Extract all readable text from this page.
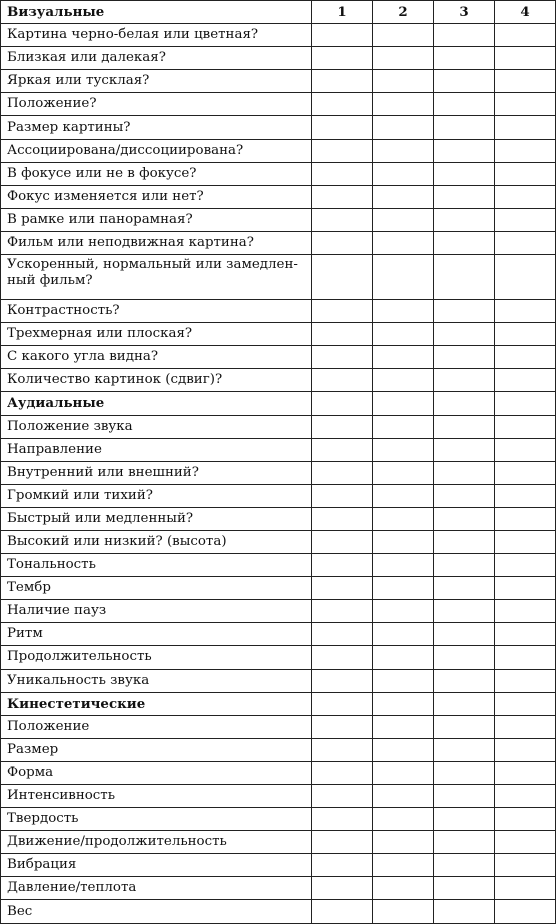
Визуальные	1	2	3	4
Картина черно-белая или цветная?				
Близкая или далекая?				
Яркая или тусклая?				
Положение?				
Размер картины?				
Ассоциирована/диссоциирована?				
В фокусе или не в фокусе?				
Фокус изменяется или нет?				
В рамке или панорамная?				
Фильм или неподвижная картина?				
Ускоренный, нормальный или замедлен-ный фильм?				
Контрастность?				
Трехмерная или плоская?				
С какого угла видна?				
Количество картинок (сдвиг)?				
Аудиальные				
Положение звука				
Направление				
Внутренний или внешний?				
Громкий или тихий?				
Быстрый или медленный?				
Высокий или низкий? (высота)				
Тональность				
Тембр				
Наличие пауз				
Ритм				
Продолжительность				
Уникальность звука				
Кинестетические				
Положение				
Размер				
Форма				
Интенсивность				
Твердость				
Движение/продолжительность				
Вибрация				
Давление/теплота				
Вес				
